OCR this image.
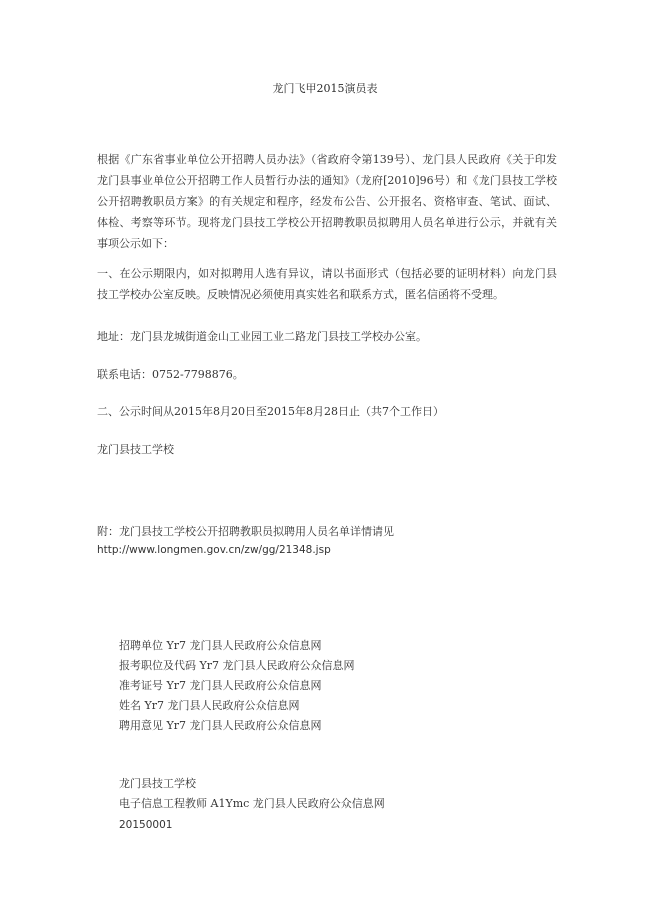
龙门飞甲2015演员表
根据《广东省事业单位公开招聘人员办法》（省政府令第139号）、龙门县人民政府《关于印发龙门县事业单位公开招聘工作人员暂行办法的通知》（龙府[2010]96号）和《龙门县技工学校公开招聘教职员方案》的有关规定和程序，经发布公告、公开报名、资格审查、笔试、面试、体检、考察等环节。现将龙门县技工学校公开招聘教职员拟聘用人员名单进行公示，并就有关事项公示如下：
一、在公示期限内，如对拟聘用人选有异议，请以书面形式（包括必要的证明材料）向龙门县技工学校办公室反映。反映情况必须使用真实姓名和联系方式，匿名信函将不受理。
地址：龙门县龙城街道金山工业园工业二路龙门县技工学校办公室。
联系电话：0752-7798876。
二、公示时间从2015年8月20日至2015年8月28日止（共7个工作日）
龙门县技工学校
附：龙门县技工学校公开招聘教职员拟聘用人员名单详情请见
http://www.longmen.gov.cn/zw/gg/21348.jsp
招聘单位 Yr7 龙门县人民政府公众信息网
报考职位及代码 Yr7 龙门县人民政府公众信息网
准考证号 Yr7 龙门县人民政府公众信息网
姓名 Yr7 龙门县人民政府公众信息网
聘用意见 Yr7 龙门县人民政府公众信息网
龙门县技工学校
电子信息工程教师 A1Ymc 龙门县人民政府公众信息网
20150001
